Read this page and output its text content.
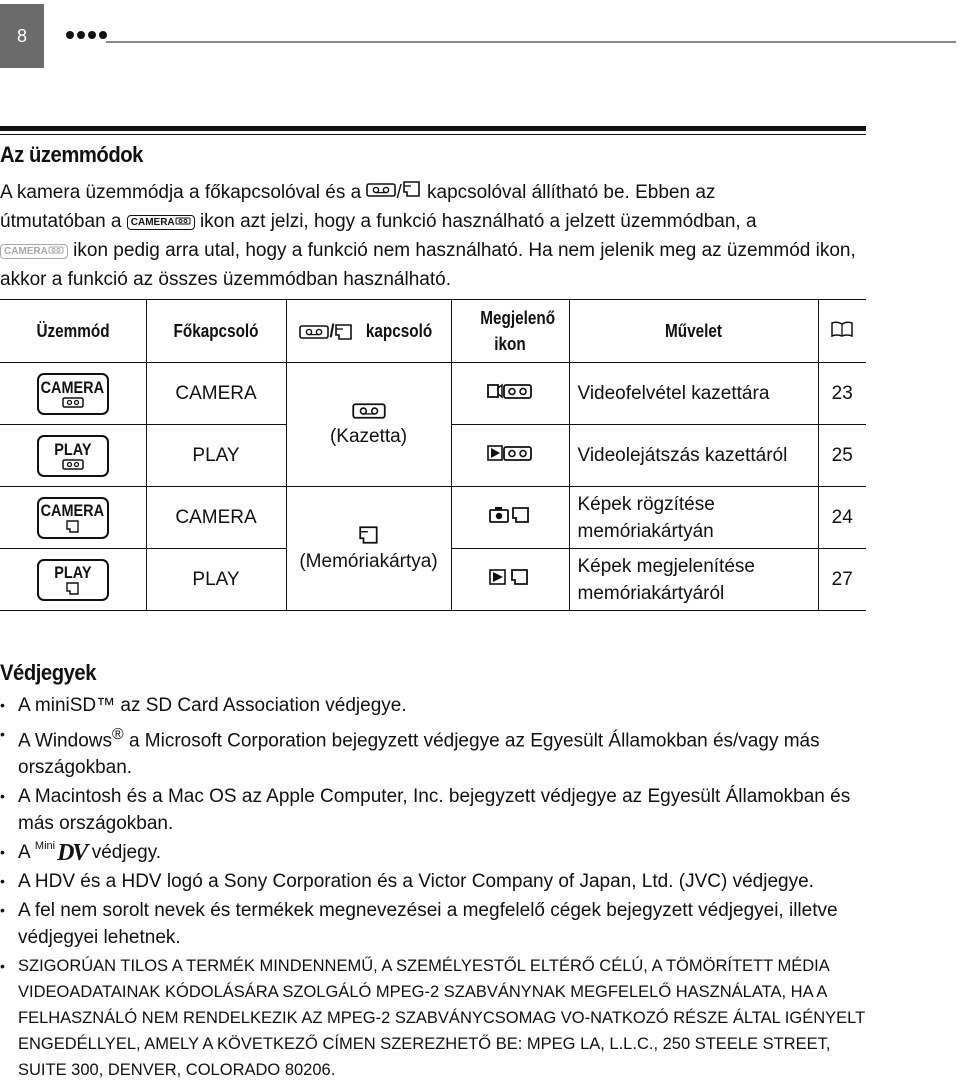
8
Az üzemmódok
A kamera üzemmódja a főkapcsolóval és a / kapcsolóval állítható be. Ebben az
útmutatóban a CAMERA ikon azt jelzi, hogy a funkció használható a jelzett üzemmódban, a
CAMERA ikon pedig arra utal, hogy a funkció nem használható. Ha nem jelenik meg az üzemmód ikon, akkor a funkció az összes üzemmódban használható.
Üzemmód	Főkapcsoló	/ kapcsoló	Megjelenő ikon	Művelet	

CAMERA	CAMERA	(Kazetta)		Videofelvétel kazettára	23

PLAY	PLAY			Videolejátszás kazettáról	25

CAMERA	CAMERA	(Memóriakártya)		Képek rögzítése memóriakártyán	24

PLAY	PLAY			Képek megjelenítése memóriakártyáról	27
Védjegyek
• A miniSD™ az SD Card Association védjegye.
• A Windows® a Microsoft Corporation bejegyzett védjegye az Egyesült Államokban és/vagy más országokban.
• A Macintosh és a Mac OS az Apple Computer, Inc. bejegyzett védjegye az Egyesült Államokban és más országokban.
• A Mini DV védjegy.
• A HDV és a HDV logó a Sony Corporation és a Victor Company of Japan, Ltd. (JVC) védjegye.
• A fel nem sorolt nevek és termékek megnevezései a megfelelő cégek bejegyzett védjegyei, illetve védjegyei lehetnek.
• SZIGORÚAN TILOS A TERMÉK MINDENNEMŰ, A SZEMÉLYESTŐL ELTÉRŐ CÉLÚ, A TÖMÖRÍTETT MÉDIA VIDEOADATAINAK KÓDOLÁSÁRA SZOLGÁLÓ MPEG-2 SZABVÁNYNAK MEGFELELŐ HASZNÁLATA, HA A FELHASZNÁLÓ NEM RENDELKEZIK AZ MPEG-2 SZABVÁNYCSOMAG VO-NATKOZÓ RÉSZE ÁLTAL IGÉNYELT ENGEDÉLLYEL, AMELY A KÖVETKEZŐ CÍMEN SZEREZHETŐ BE: MPEG LA, L.L.C., 250 STEELE STREET, SUITE 300, DENVER, COLORADO 80206.
